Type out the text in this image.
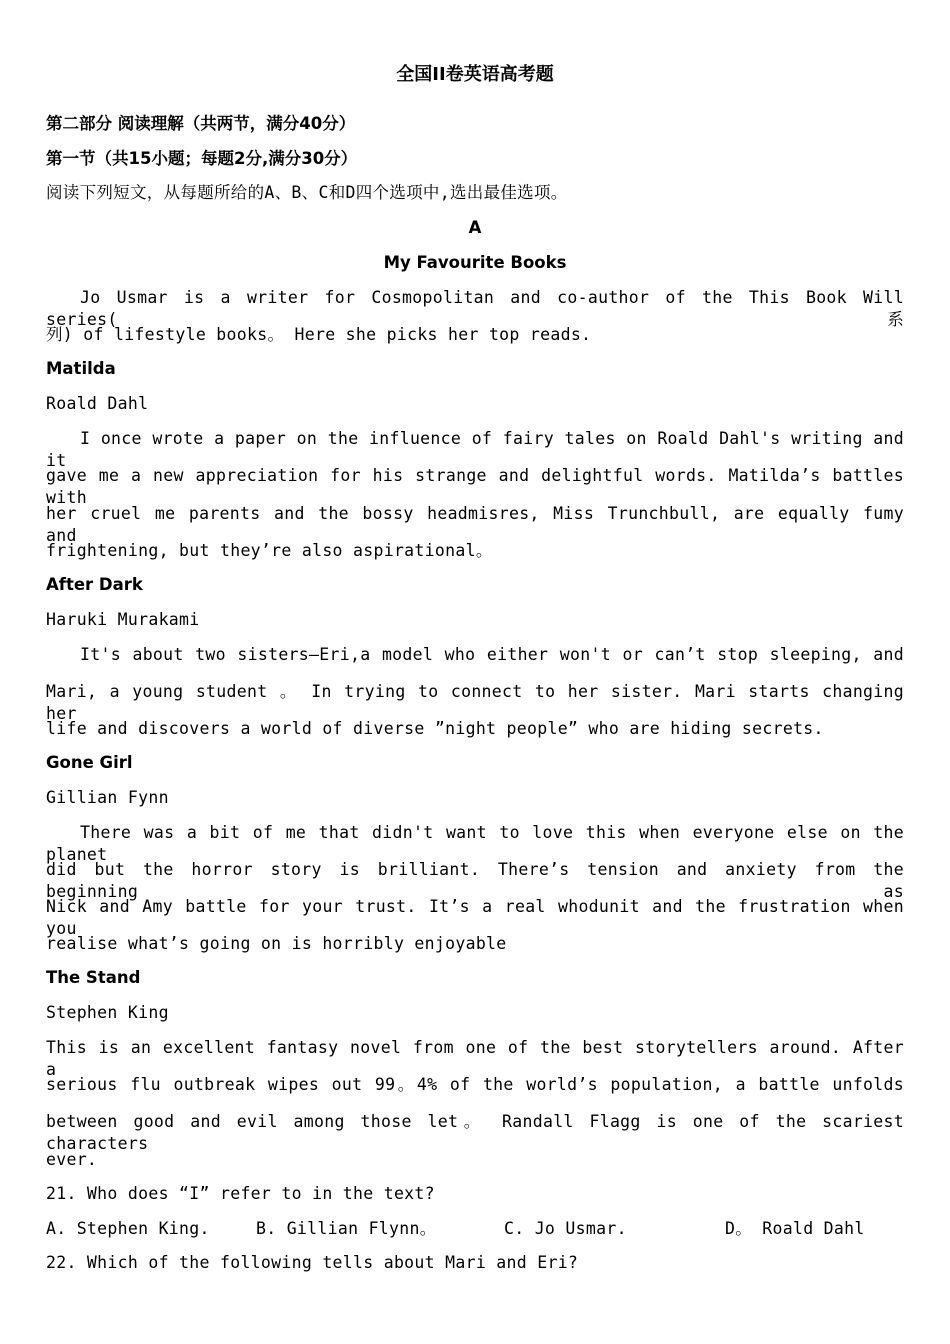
全国II卷英语高考题
第二部分 阅读理解（共两节，满分40分）
第一节（共15小题；每题2分,满分30分）
阅读下列短文，从每题所给的A、B、C和D四个选项中,选出最佳选项。
A
My Favourite Books
Jo Usmar is a writer for Cosmopolitan and co-author of the This Book Will series(系
列) of lifestyle books。 Here she picks her top reads.
Matilda
Roald Dahl
I once wrote a paper on the influence of fairy tales on Roald Dahl's writing and it
gave me a new appreciation for his strange and delightful words. Matilda’s battles with
her cruel me parents and the bossy headmisres, Miss Trunchbull, are equally fumy and
frightening, but they’re also aspirational。
After Dark
Haruki Murakami
It's about two sisters—Eri,a model who either won't or can’t stop sleeping, and
Mari, a young student 。 In trying to connect to her sister. Mari starts changing her
life and discovers a world of diverse ”night people” who are hiding secrets.
Gone Girl
Gillian Fynn
There was a bit of me that didn't want to love this when everyone else on the planet
did but the horror story is brilliant. There’s tension and anxiety from the beginning as
Nick and Amy battle for your trust. It’s a real whodunit and the frustration when you
realise what’s going on is horribly enjoyable
The Stand
Stephen King
This is an excellent fantasy novel from one of the best storytellers around. After a
serious flu outbreak wipes out 99。4% of the world’s population, a battle unfolds
between good and evil among those let。 Randall Flagg is one of the scariest characters
ever.
21. Who does “I” refer to in the text?
A. Stephen King.	B. Gillian Flynn。	C. Jo Usmar.	D。 Roald Dahl
22. Which of the following tells about Mari and Eri?
